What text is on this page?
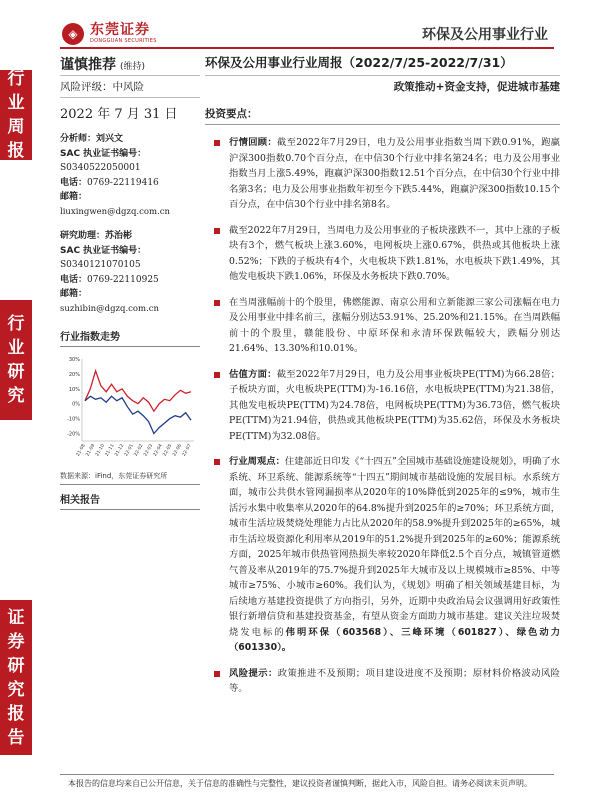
◈ 东莞证券
DONGGUAN SECURITIES	环保及公用事业行业
行
业
周
报
行
业
研
究
证
券
研
究
报
告
谨慎推荐 (维持)
风险评级：中风险
2022 年 7 月 31 日
分析师：刘兴文
SAC 执业证书编号：
S0340522050001
电话：0769-22119416
邮箱：
liuxingwen@dgzq.com.cn
研究助理：苏治彬
SAC 执业证书编号：
S0340121070105
电话：0769-22110925
邮箱：
suzhibin@dgzq.com.cn
行业指数走势
30%
20%
10%
0%
-10%
-20%
21-08
21-09
21-10
21-11
21-12
22-01
22-02
22-03
22-04
22-05
22-06
22-07
数据来源：iFind，东莞证券研究所
相关报告
环保及公用事业行业周报（2022/7/25-2022/7/31）
政策推动+资金支持，促进城市基建
投资要点：
行情回顾：截至2022年7月29日，电力及公用事业指数当周下跌0.91%，跑赢沪深300指数0.70个百分点，在中信30个行业中排名第24名；电力及公用事业指数当月上涨5.49%，跑赢沪深300指数12.51个百分点，在中信30个行业中排名第3名；电力及公用事业指数年初至今下跌5.44%，跑赢沪深300指数10.15个百分点，在中信30个行业中排名第8名。
截至2022年7月29日，当周电力及公用事业的子板块涨跌不一，其中上涨的子板块有3个，燃气板块上涨3.60%，电网板块上涨0.67%，供热或其他板块上涨0.52%；下跌的子板块有4个，火电板块下跌1.81%，水电板块下跌1.49%，其他发电板块下跌1.06%，环保及水务板块下跌0.70%。
在当周涨幅前十的个股里，佛燃能源、南京公用和立新能源三家公司涨幅在电力及公用事业中排名前三，涨幅分别达53.91%、25.20%和21.15%。在当周跌幅前十的个股里，赣能股份、中原环保和永清环保跌幅较大，跌幅分别达21.64%、13.30%和10.01%。
估值方面：截至2022年7月29日，电力及公用事业板块PE(TTM)为66.28倍；子板块方面，火电板块PE(TTM)为-16.16倍，水电板块PE(TTM)为21.38倍，其他发电板块PE(TTM)为24.78倍，电网板块PE(TTM)为36.73倍，燃气板块PE(TTM)为21.94倍，供热或其他板块PE(TTM)为35.62倍，环保及水务板块PE(TTM)为32.08倍。
行业周观点：住建部近日印发《“十四五”全国城市基础设施建设规划》，明确了水系统、环卫系统、能源系统等“十四五”期间城市基础设施的发展目标。水系统方面，城市公共供水管网漏损率从2020年的10%降低到2025年的≤9%，城市生活污水集中收集率从2020年的64.8%提升到2025年的≥70%；环卫系统方面，城市生活垃圾焚烧处理能力占比从2020年的58.9%提升到2025年的≥65%，城市生活垃圾资源化利用率从2019年的51.2%提升到2025年的≥60%；能源系统方面，2025年城市供热管网热损失率较2020年降低2.5个百分点，城镇管道燃气普及率从2019年的75.7%提升到2025年大城市及以上规模城市≥85%、中等城市≥75%、小城市≥60%。我们认为，《规划》明确了相关领域基建目标，为后续地方基建投资提供了方向指引，另外，近期中央政治局会议强调用好政策性银行新增信贷和基建投资基金，有望从资金方面助力城市基建。建议关注垃圾焚烧发电标的伟明环保（603568）、三峰环境（601827）、绿色动力（601330）。
风险提示：政策推进不及预期；项目建设进度不及预期；原材料价格波动风险等。
本报告的信息均来自已公开信息，关于信息的准确性与完整性，建议投资者谨慎判断，据此入市，风险自担。请务必阅读末页声明。
